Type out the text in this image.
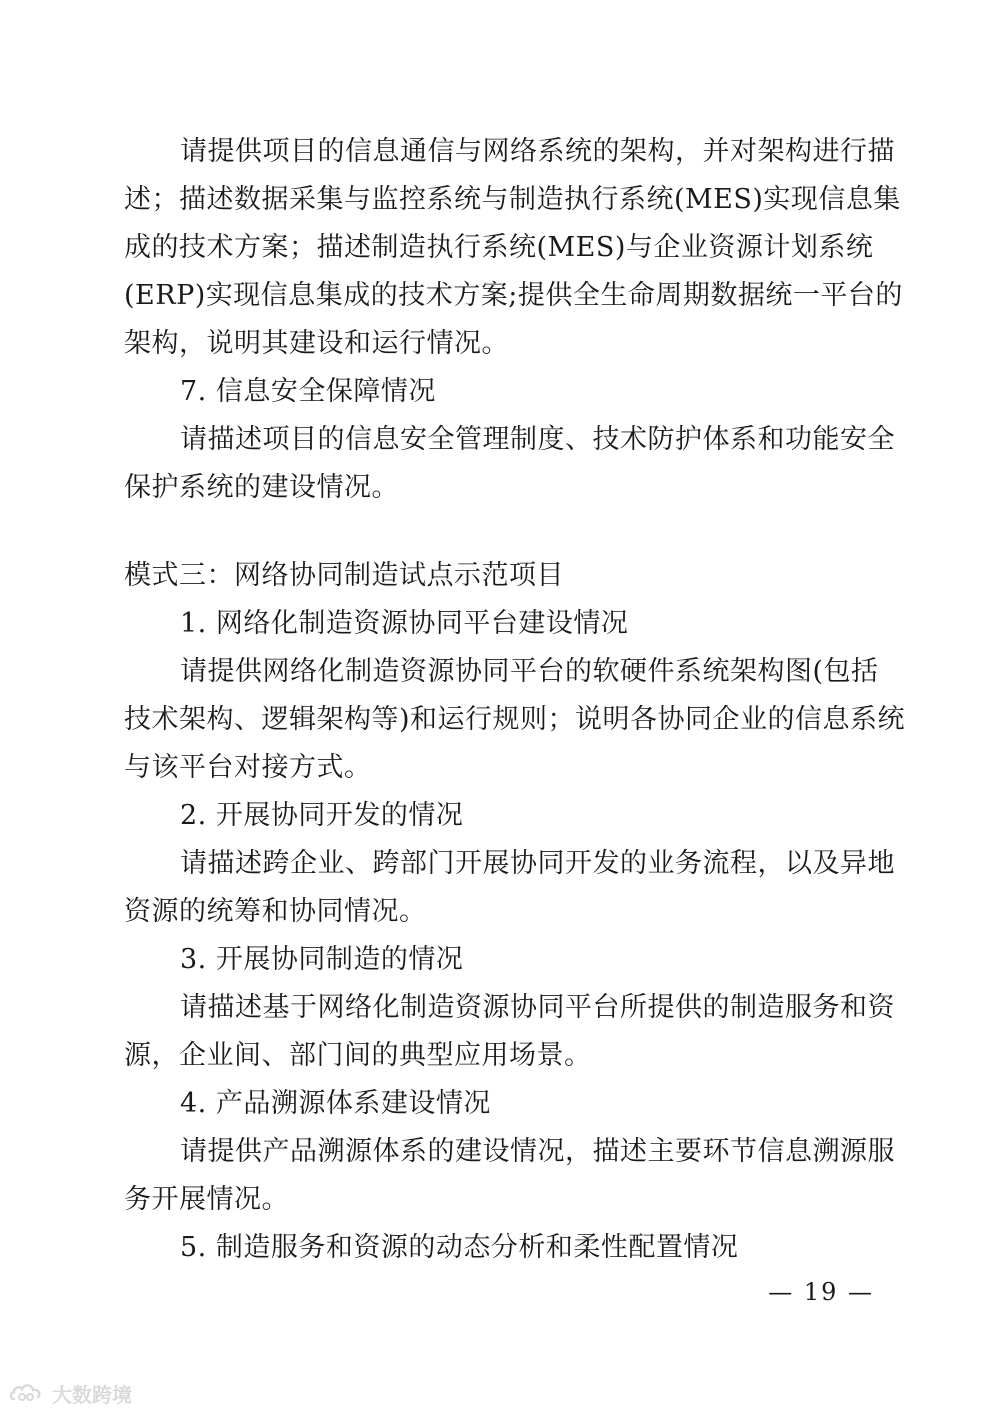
请提供项目的信息通信与网络系统的架构，并对架构进行描
述；描述数据采集与监控系统与制造执行系统(MES)实现信息集
成的技术方案；描述制造执行系统(MES)与企业资源计划系统
(ERP)实现信息集成的技术方案;提供全生命周期数据统一平台的
架构，说明其建设和运行情况。
7. 信息安全保障情况
请描述项目的信息安全管理制度、技术防护体系和功能安全
保护系统的建设情况。
模式三：网络协同制造试点示范项目
1. 网络化制造资源协同平台建设情况
请提供网络化制造资源协同平台的软硬件系统架构图(包括
技术架构、逻辑架构等)和运行规则；说明各协同企业的信息系统
与该平台对接方式。
2. 开展协同开发的情况
请描述跨企业、跨部门开展协同开发的业务流程，以及异地
资源的统筹和协同情况。
3. 开展协同制造的情况
请描述基于网络化制造资源协同平台所提供的制造服务和资
源，企业间、部门间的典型应用场景。
4. 产品溯源体系建设情况
请提供产品溯源体系的建设情况，描述主要环节信息溯源服
务开展情况。
5. 制造服务和资源的动态分析和柔性配置情况
— 19 —
大数跨境
